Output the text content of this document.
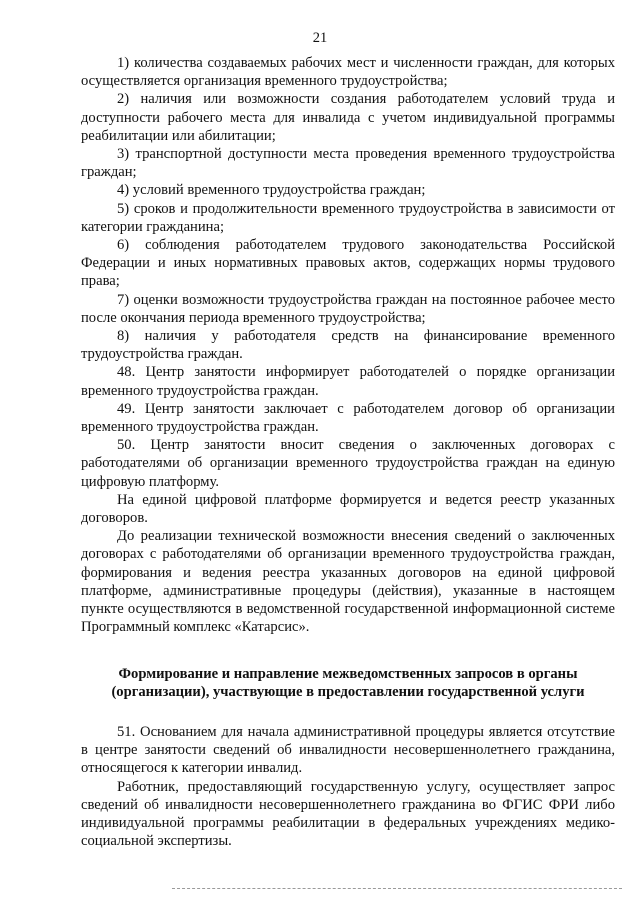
21

1) количества создаваемых рабочих мест и численности граждан, для которых осуществляется организация временного трудоустройства;

2) наличия или возможности создания работодателем условий труда и доступности рабочего места для инвалида с учетом индивидуальной программы реабилитации или абилитации;

3) транспортной доступности места проведения временного трудоустройства граждан;

4) условий временного трудоустройства граждан;

5) сроков и продолжительности временного трудоустройства в зависимости от категории гражданина;

6) соблюдения работодателем трудового законодательства Российской Федерации и иных нормативных правовых актов, содержащих нормы трудового права;

7) оценки возможности трудоустройства граждан на постоянное рабочее место после окончания периода временного трудоустройства;

8) наличия у работодателя средств на финансирование временного трудоустройства граждан.

48. Центр занятости информирует работодателей о порядке организации временного трудоустройства граждан.

49. Центр занятости заключает с работодателем договор об организации временного трудоустройства граждан.

50. Центр занятости вносит сведения о заключенных договорах с работодателями об организации временного трудоустройства граждан на единую цифровую платформу.

На единой цифровой платформе формируется и ведется реестр указанных договоров.

До реализации технической возможности внесения сведений о заключенных договорах с работодателями об организации временного трудоустройства граждан, формирования и ведения реестра указанных договоров на единой цифровой платформе, административные процедуры (действия), указанные в настоящем пункте осуществляются в ведомственной государственной информационной системе Программный комплекс «Катарсис».

Формирование и направление межведомственных запросов в органы (организации), участвующие в предоставлении государственной услуги

51. Основанием для начала административной процедуры является отсутствие в центре занятости сведений об инвалидности несовершеннолетнего гражданина, относящегося к категории инвалид.

Работник, предоставляющий государственную услугу, осуществляет запрос сведений об инвалидности несовершеннолетнего гражданина во ФГИС ФРИ либо индивидуальной программы реабилитации в федеральных учреждениях медико-социальной экспертизы.
